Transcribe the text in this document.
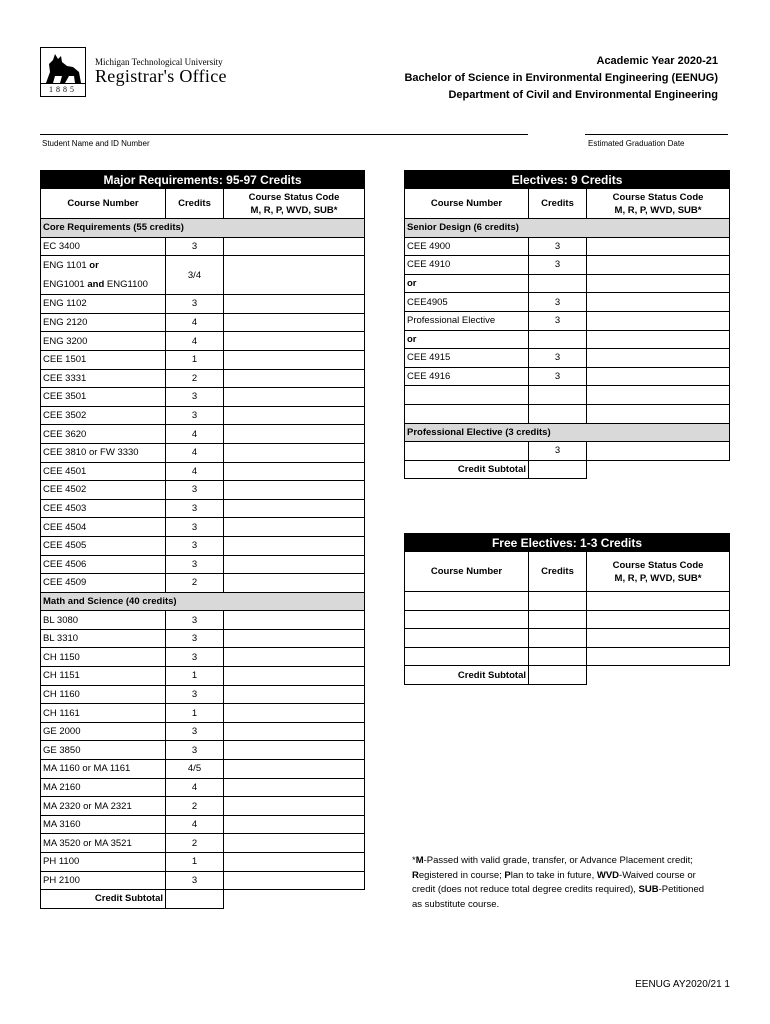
1885
Michigan Technological University
Registrar's Office
Academic Year 2020-21
Bachelor of Science in Environmental Engineering (EENUG)
Department of Civil and Environmental Engineering
Student Name and ID Number	Estimated Graduation Date
Major Requirements: 95-97 Credits		
Course Number	Credits	Course Status Code
M, R, P, WVD, SUB*
Core Requirements (55 credits)		
EC 3400	3	
ENG 1101 or
ENG1001 and ENG1100	3/4	
ENG 1102	3	
ENG 2120	4	
ENG 3200	4	
CEE 1501	1	
CEE 3331	2	
CEE 3501	3	
CEE 3502	3	
CEE 3620	4	
CEE 3810 or FW 3330	4	
CEE 4501	4	
CEE 4502	3	
CEE 4503	3	
CEE 4504	3	
CEE 4505	3	
CEE 4506	3	
CEE 4509	2	
Math and Science (40 credits)		
BL 3080	3	
BL 3310	3	
CH 1150	3	
CH 1151	1	
CH 1160	3	
CH 1161	1	
GE 2000	3	
GE 3850	3	
MA 1160 or MA 1161	4/5	
MA 2160	4	
MA 2320 or MA 2321	2	
MA 3160	4	
MA 3520 or MA 3521	2	
PH 1100	1	
PH 2100	3	
Credit Subtotal		
Electives: 9 Credits		
Course Number	Credits	Course Status Code
M, R, P, WVD, SUB*
Senior Design (6 credits)		
CEE 4900	3	
CEE 4910	3	
or		
CEE4905	3	
Professional Elective	3	
or		
CEE 4915	3	
CEE 4916	3	

Professional Elective (3 credits)		
	3	
Credit Subtotal		
Free Electives: 1-3 Credits		
Course Number	Credits	Course Status Code
M, R, P, WVD, SUB*

Credit Subtotal		
*M-Passed with valid grade, transfer, or Advance Placement credit; Registered in course; Plan to take in future, WVD-Waived course or credit (does not reduce total degree credits required), SUB-Petitioned as substitute course.
EENUG AY2020/21 1
